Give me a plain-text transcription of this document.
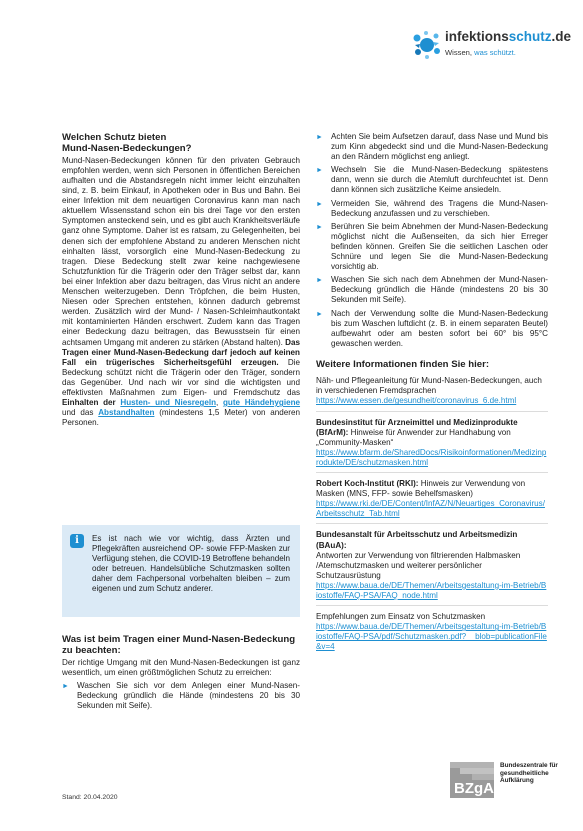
infektionsschutz.de
Wissen, was schützt.
Welchen Schutz bieten
Mund-Nasen-Bedeckungen?

Mund-Nasen-Bedeckungen können für den privaten Gebrauch empfohlen werden, wenn sich Personen in öffentlichen Bereichen aufhalten und die Abstandsregeln nicht immer leicht einzuhalten sind, z. B. beim Einkauf, in Apotheken oder in Bus und Bahn. Bei einer Infektion mit dem neuartigen Coronavirus kann man nach aktuellem Wissensstand schon ein bis drei Tage vor den ersten Symptomen ansteckend sein, und es gibt auch Krankheitsverläufe ganz ohne Symptome. Daher ist es ratsam, zu Gelegenheiten, bei denen sich der empfohlene Abstand zu anderen Menschen nicht einhalten lässt, vorsorglich eine Mund-Nasen-Bedeckung zu tragen. Diese Bedeckung stellt zwar keine nachgewiesene Schutzfunktion für die Trägerin oder den Träger selbst dar, kann bei einer Infektion aber dazu beitragen, das Virus nicht an andere Menschen weiterzugeben. Denn Tröpfchen, die beim Husten, Niesen oder Sprechen entstehen, können dadurch gebremst werden. Zusätzlich wird der Mund- / Nasen-Schleimhautkontakt mit kontaminierten Händen erschwert. Zudem kann das Tragen einer Bedeckung dazu beitragen, das Bewusstsein für einen achtsamen Umgang mit anderen zu stärken (Abstand halten). Das Tragen einer Mund-Nasen-Bedeckung darf jedoch auf keinen Fall ein trügerisches Sicherheitsgefühl erzeugen. Die Bedeckung schützt nicht die Trägerin oder den Träger, sondern das Gegenüber. Und nach wir vor sind die wichtigsten und effektivsten Maßnahmen zum Eigen- und Fremdschutz das Einhalten der Husten- und Niesregeln, gute Händehygiene und das Abstandhalten (mindestens 1,5 Meter) von anderen Personen.

i	Es ist nach wie vor wichtig, dass Ärzten und Pflegekräften ausreichend OP- sowie FFP-Masken zur Verfügung stehen, die COVID-19 Betroffene behandeln oder betreuen. Handelsübliche Schutzmasken sollten daher dem Fachpersonal vorbehalten bleiben – zum eigenen und zum Schutz anderer.
Was ist beim Tragen einer Mund-Nasen-Bedeckung zu beachten:

Der richtige Umgang mit den Mund-Nasen-Bedeckungen ist ganz wesentlich, um einen größtmöglichen Schutz zu erreichen:

► Waschen Sie sich vor dem Anlegen einer Mund-Nasen-Bedeckung gründlich die Hände (mindestens 20 bis 30 Sekunden mit Seife).
► Achten Sie beim Aufsetzen darauf, dass Nase und Mund bis zum Kinn abgedeckt sind und die Mund-Nasen-Bedeckung an den Rändern möglichst eng anliegt.
► Wechseln Sie die Mund-Nasen-Bedeckung spätestens dann, wenn sie durch die Atemluft durchfeuchtet ist. Denn dann können sich zusätzliche Keime ansiedeln.
► Vermeiden Sie, während des Tragens die Mund-Nasen-Bedeckung anzufassen und zu verschieben.
► Berühren Sie beim Abnehmen der Mund-Nasen-Bedeckung möglichst nicht die Außenseiten, da sich hier Erreger befinden können. Greifen Sie die seitlichen Laschen oder Schnüre und legen Sie die Mund-Nasen-Bedeckung vorsichtig ab.
► Waschen Sie sich nach dem Abnehmen der Mund-Nasen-Bedeckung gründlich die Hände (mindestens 20 bis 30 Sekunden mit Seife).
► Nach der Verwendung sollte die Mund-Nasen-Bedeckung bis zum Waschen luftdicht (z. B. in einem separaten Beutel) aufbewahrt oder am besten sofort bei 60° bis 95°C gewaschen werden.
Weitere Informationen finden Sie hier:
Näh- und Pflegeanleitung für Mund-Nasen-Bedeckungen, auch in verschiedenen Fremdsprachen
https://www.essen.de/gesundheit/coronavirus_6.de.html
Bundesinstitut für Arzneimittel und Medizinprodukte (BfArM): Hinweise für Anwender zur Handhabung von „Community-Masken“
https://www.bfarm.de/SharedDocs/Risikoinformationen/Medizinprodukte/DE/schutzmasken.html
Robert Koch-Institut (RKI): Hinweis zur Verwendung von Masken (MNS, FFP- sowie Behelfsmasken)
https://www.rki.de/DE/Content/InfAZ/N/Neuartiges_Coronavirus/Arbeitsschutz_Tab.html
Bundesanstalt für Arbeitsschutz und Arbeitsmedizin (BAuA):
Antworten zur Verwendung von filtrierenden Halbmasken /Atemschutzmasken und weiterer persönlicher Schutzausrüstung
https://www.baua.de/DE/Themen/Arbeitsgestaltung-im-Betrieb/Biostoffe/FAQ-PSA/FAQ_node.html
Empfehlungen zum Einsatz von Schutzmasken
https://www.baua.de/DE/Themen/Arbeitsgestaltung-im-Betrieb/Biostoffe/FAQ-PSA/pdf/Schutzmasken.pdf?__blob=publicationFile&v=4
Stand: 20.04.2020
BZgA
Bundeszentrale für gesundheitliche Aufklärung
